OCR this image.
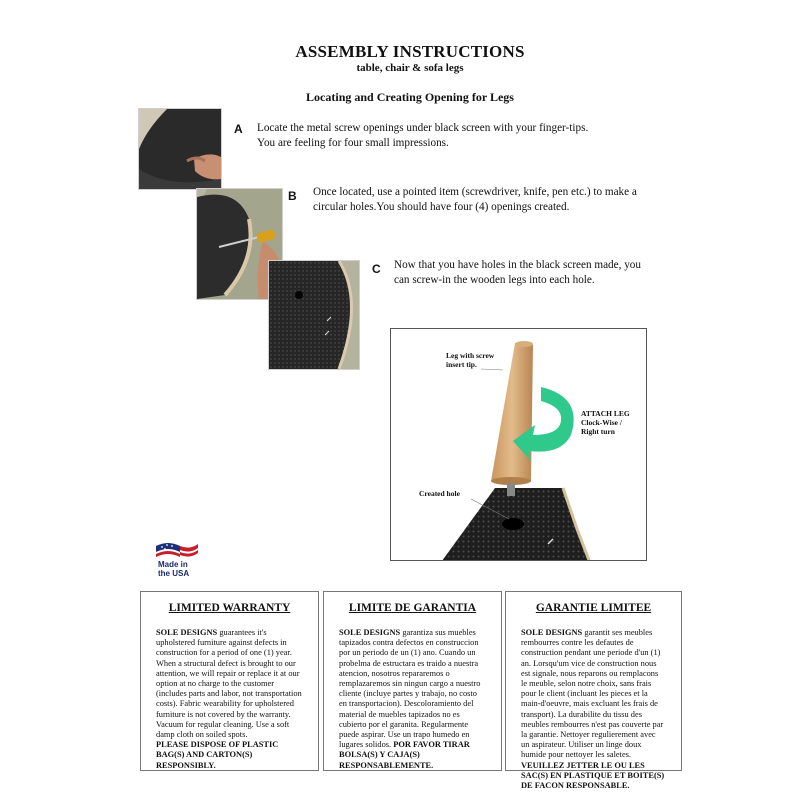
ASSEMBLY INSTRUCTIONS
table, chair & sofa legs
Locating and Creating Opening for Legs
A Locate the metal screw openings under black screen with your finger-tips.
You are feeling for four small impressions.
B Once located, use a pointed item (screwdriver, knife, pen etc.) to make a
circular holes.You should have four (4) openings created.
C Now that you have holes in the black screen made, you
can screw-in the wooden legs into each hole.
Leg with screw
insert tip.
ATTACH LEG
Clock-Wise /
Right turn
Created hole
Made in
the USA
LIMITED WARRANTY

SOLE DESIGNS guarantees it's upholstered furniture against defects in construction for a period of one (1) year. When a structural defect is brought to our attention, we will repair or replace it at our option at no charge to the customer (includes parts and labor, not transportation costs). Fabric wearability for upholstered furniture is not covered by the warranty. Vacuum for regular cleaning. Use a soft damp cloth on soiled spots.
PLEASE DISPOSE OF PLASTIC BAG(S) AND CARTON(S) RESPONSIBLY.

LIMITE DE GARANTIA

SOLE DESIGNS garantiza sus muebles tapizados contra defectos en construccion por un periodo de un (1) ano. Cuando un probelma de estructara es traido a nuestra atencion, nosotros repararemos o remplazaremos sin ningun cargo a nuestro cliente (incluye partes y trabajo, no costo en transportacion). Descoloramiento del material de muebles tapizados no es cubierto por el garanita. Regularmente puede aspirar. Use un trapo humedo en lugares solidos. POR FAVOR TIRAR BOLSA(S) Y CAJA(S) RESPONSABLEMENTE.

GARANTIE LIMITEE

SOLE DESIGNS garantit ses meubles rembourres contre les defautes de construction pendant une periode d'un (1) an. Lorsqu'um vice de construction nous est signale, nous reparons ou remplacons le meuble, selon notre choix, sans frais pour le client (incluant les pieces et la main-d'oeuvre, mais excluant les frais de transport). La durabilite du tissu des meubles rembourres n'est pas couverte par la garantie. Nettoyer regulierement avec un aspirateur. Utiliser un linge doux humide pour nettoyer les saletes. VEUILLEZ JETTER LE OU LES SAC(S) EN PLASTIQUE ET BOITE(S) DE FACON RESPONSABLE.
